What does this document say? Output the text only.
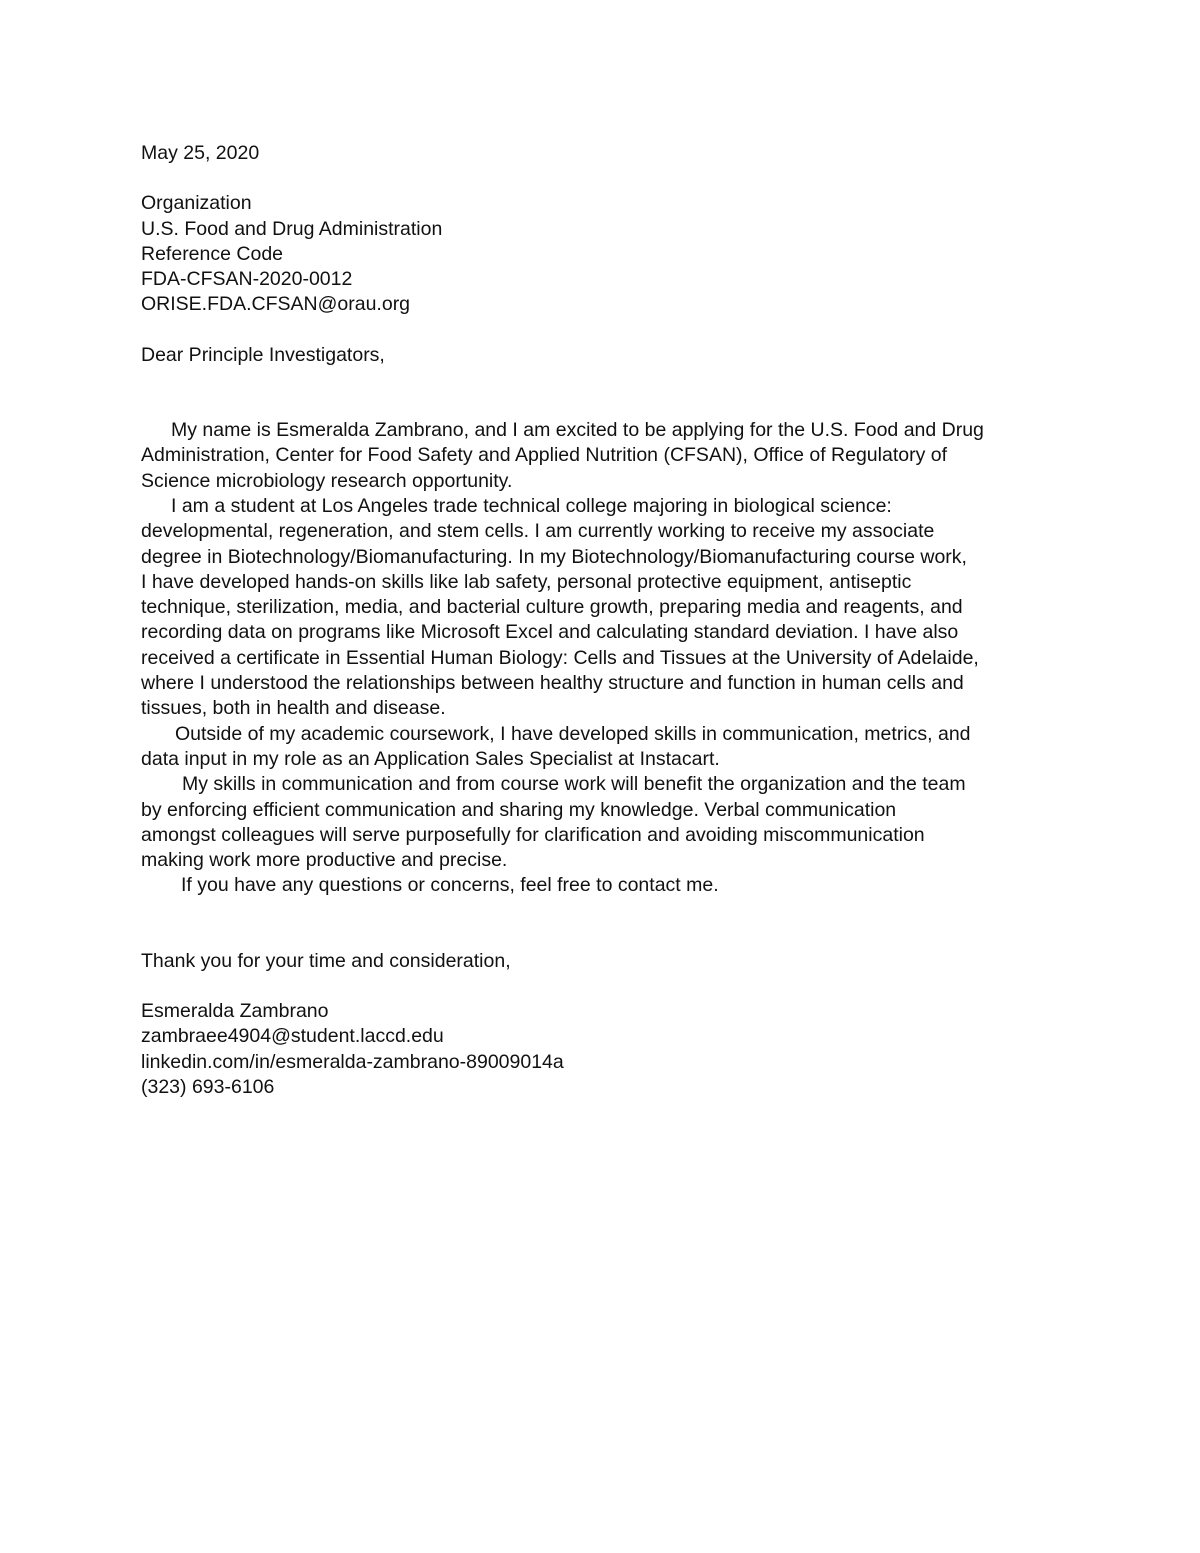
May 25, 2020
Organization
U.S. Food and Drug Administration
Reference Code
FDA-CFSAN-2020-0012
ORISE.FDA.CFSAN@orau.org
Dear Principle Investigators,
My name is Esmeralda Zambrano, and I am excited to be applying for the U.S. Food and Drug
Administration, Center for Food Safety and Applied Nutrition (CFSAN), Office of Regulatory of
Science microbiology research opportunity.
I am a student at Los Angeles trade technical college majoring in biological science:
developmental, regeneration, and stem cells. I am currently working to receive my associate
degree in Biotechnology/Biomanufacturing. In my Biotechnology/Biomanufacturing course work,
I have developed hands-on skills like lab safety, personal protective equipment, antiseptic
technique, sterilization, media, and bacterial culture growth, preparing media and reagents, and
recording data on programs like Microsoft Excel and calculating standard deviation. I have also
received a certificate in Essential Human Biology: Cells and Tissues at the University of Adelaide,
where I understood the relationships between healthy structure and function in human cells and
tissues, both in health and disease.
Outside of my academic coursework, I have developed skills in communication, metrics, and
data input in my role as an Application Sales Specialist at Instacart.
My skills in communication and from course work will benefit the organization and the team
by enforcing efficient communication and sharing my knowledge. Verbal communication
amongst colleagues will serve purposefully for clarification and avoiding miscommunication
making work more productive and precise.
If you have any questions or concerns, feel free to contact me.
Thank you for your time and consideration,
Esmeralda Zambrano
zambraee4904@student.laccd.edu
linkedin.com/in/esmeralda-zambrano-89009014a
(323) 693-6106
